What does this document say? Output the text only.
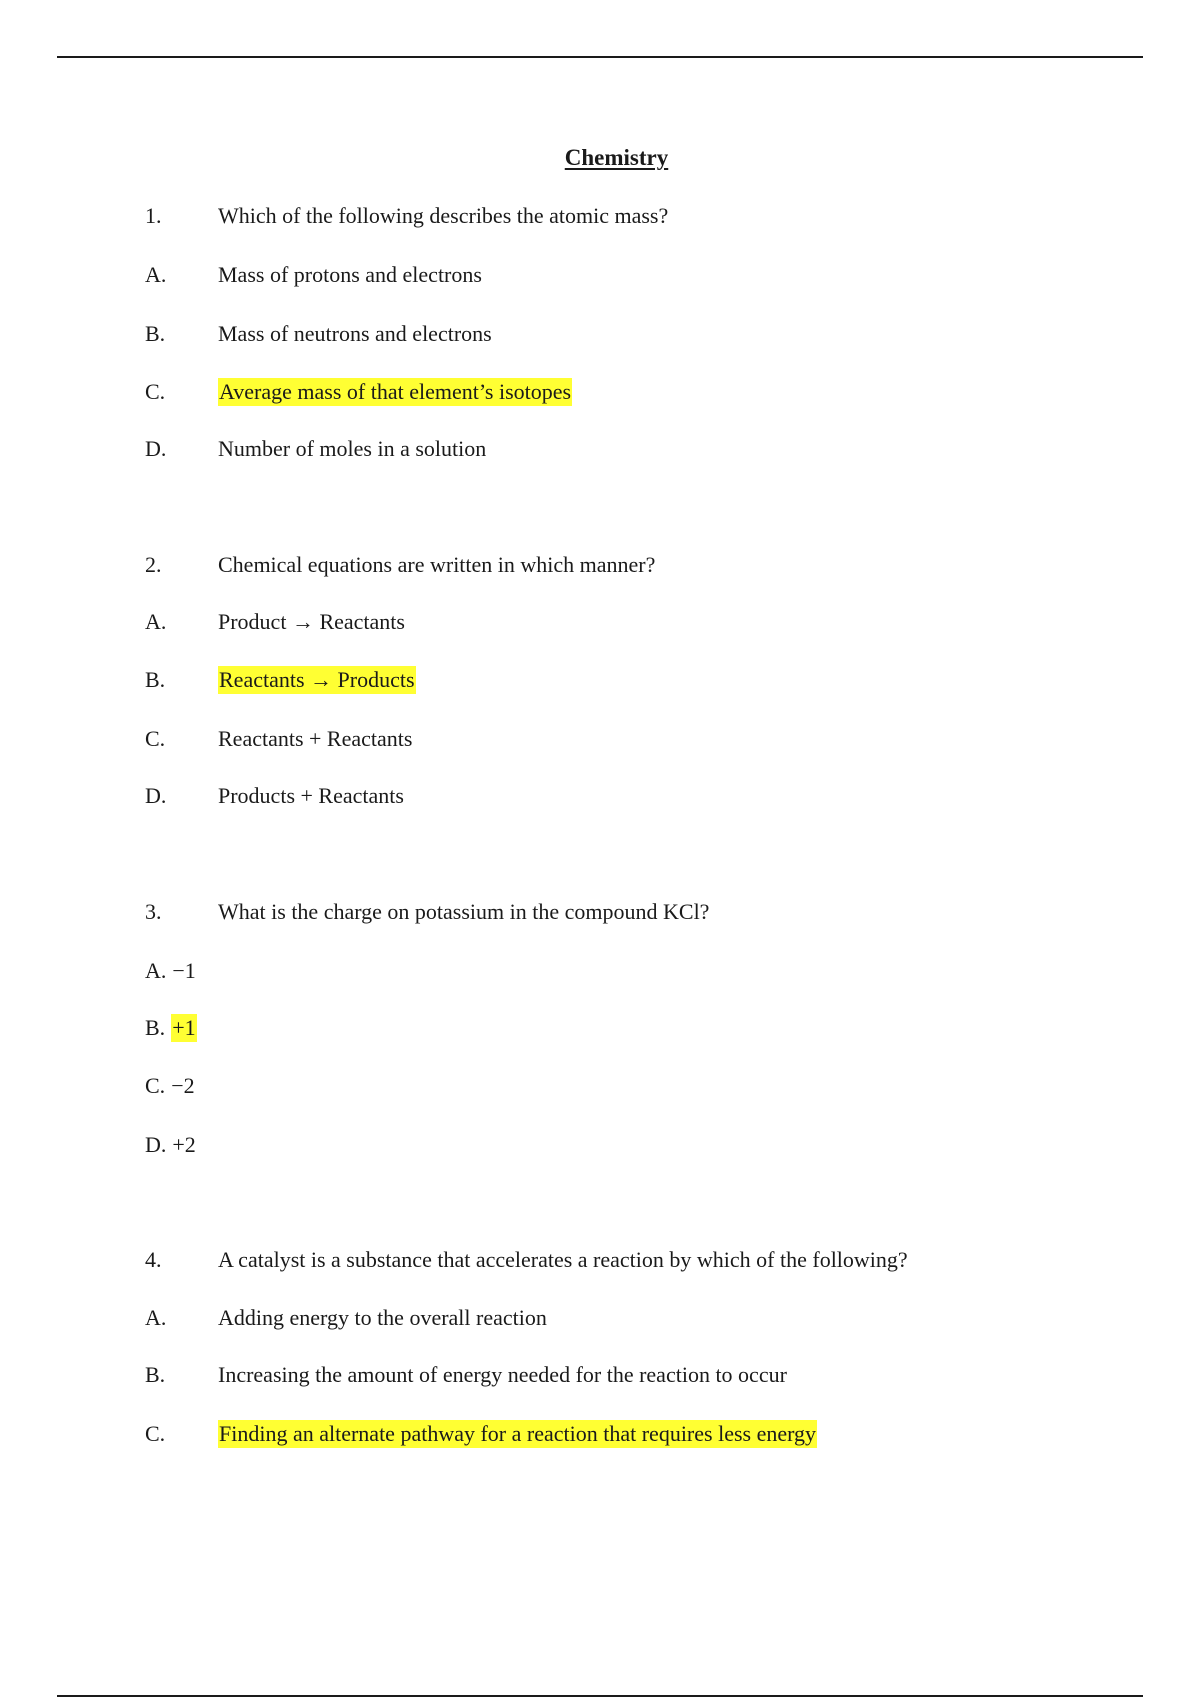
Chemistry
1.	Which of the following describes the atomic mass?
A. Mass of protons and electrons
B. Mass of neutrons and electrons
C. Average mass of that element’s isotopes
D. Number of moles in a solution
2.	Chemical equations are written in which manner?
A. Product → Reactants
B. Reactants → Products
C. Reactants + Reactants
D. Products + Reactants
3.	What is the charge on potassium in the compound KCl?
A. −1
B. +1
C. −2
D. +2
4.	A catalyst is a substance that accelerates a reaction by which of the following?
A. Adding energy to the overall reaction
B. Increasing the amount of energy needed for the reaction to occur
C. Finding an alternate pathway for a reaction that requires less energy
